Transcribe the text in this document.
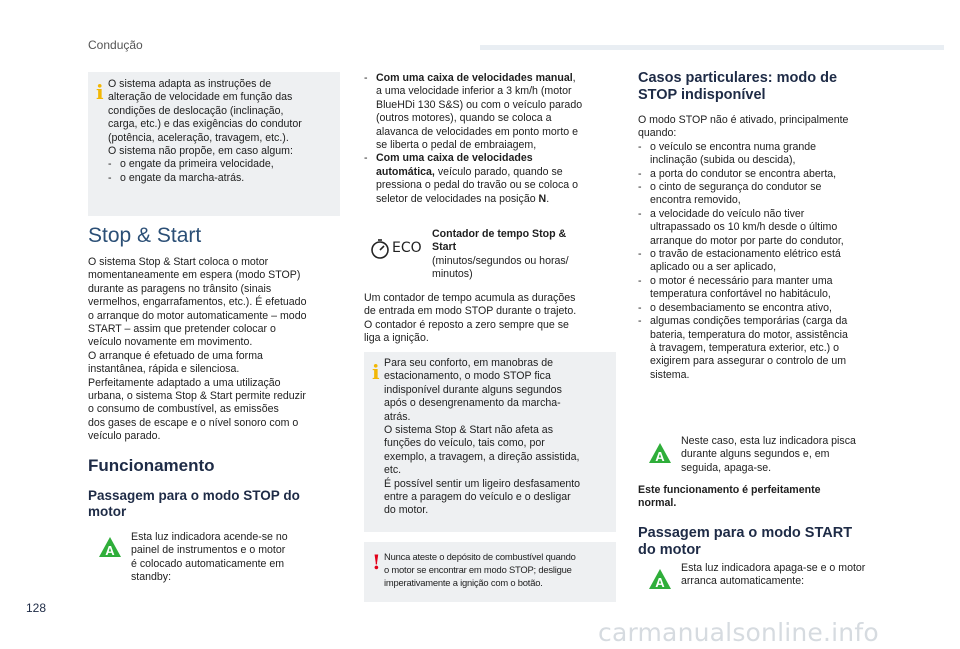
Condução
i O sistema adapta as instruções de

alteração de velocidade em função das

condições de deslocação (inclinação,

carga, etc.) e das exigências do condutor

(potência, aceleração, travagem, etc.).

O sistema não propõe, em caso algum:

- o engate da primeira velocidade,
- o engate da marcha-atrás.
Stop & Start

O sistema Stop & Start coloca o motor

momentaneamente em espera (modo STOP)

durante as paragens no trânsito (sinais

vermelhos, engarrafamentos, etc.). É efetuado

o arranque do motor automaticamente – modo

START – assim que pretender colocar o

veículo novamente em movimento.

O arranque é efetuado de uma forma

instantânea, rápida e silenciosa.

Perfeitamente adaptado a uma utilização

urbana, o sistema Stop & Start permite reduzir

o consumo de combustível, as emissões

dos gases de escape e o nível sonoro com o

veículo parado.

Funcionamento
Passagem para o modo STOP do
motor
A

Esta luz indicadora acende-se no

painel de instrumentos e o motor

é colocado automaticamente em

standby:

- Com uma caixa de velocidades manual,

a uma velocidade inferior a 3 km/h (motor

BlueHDi 130 S&S) ou com o veículo parado

(outros motores), quando se coloca a

alavanca de velocidades em ponto morto e

se liberta o pedal de embraiagem,

- Com uma caixa de velocidades

automática, veículo parado, quando se

pressiona o pedal do travão ou se coloca o

seletor de velocidades na posição N.

ECO

Contador de tempo Stop &

Start

(minutos/segundos ou horas/

minutos)

Um contador de tempo acumula as durações

de entrada em modo STOP durante o trajeto.

O contador é reposto a zero sempre que se

liga a ignição.

i Para seu conforto, em manobras de

estacionamento, o modo STOP fica

indisponível durante alguns segundos

após o desengrenamento da marcha-

atrás.

O sistema Stop & Start não afeta as

funções do veículo, tais como, por

exemplo, a travagem, a direção assistida,

etc.

É possível sentir um ligeiro desfasamento

entre a paragem do veículo e o desligar

do motor.

! Nunca ateste o depósito de combustível quando

o motor se encontrar em modo STOP; desligue

imperativamente a ignição com o botão.

Casos particulares: modo de
STOP indisponível

O modo STOP não é ativado, principalmente

quando:

- o veículo se encontra numa grande

inclinação (subida ou descida),

- a porta do condutor se encontra aberta,

- o cinto de segurança do condutor se

encontra removido,

- a velocidade do veículo não tiver

ultrapassado os 10 km/h desde o último

arranque do motor por parte do condutor,

- o travão de estacionamento elétrico está

aplicado ou a ser aplicado,

- o motor é necessário para manter uma

temperatura confortável no habitáculo,

- o desembaciamento se encontra ativo,

- algumas condições temporárias (carga da

bateria, temperatura do motor, assistência

à travagem, temperatura exterior, etc.) o

exigirem para assegurar o controlo de um

sistema.

A

Neste caso, esta luz indicadora pisca

durante alguns segundos e, em

seguida, apaga-se.

Este funcionamento é perfeitamente

normal.

Passagem para o modo START
do motor
A

Esta luz indicadora apaga-se e o motor

arranca automaticamente:

128
carmanualsonline.info
